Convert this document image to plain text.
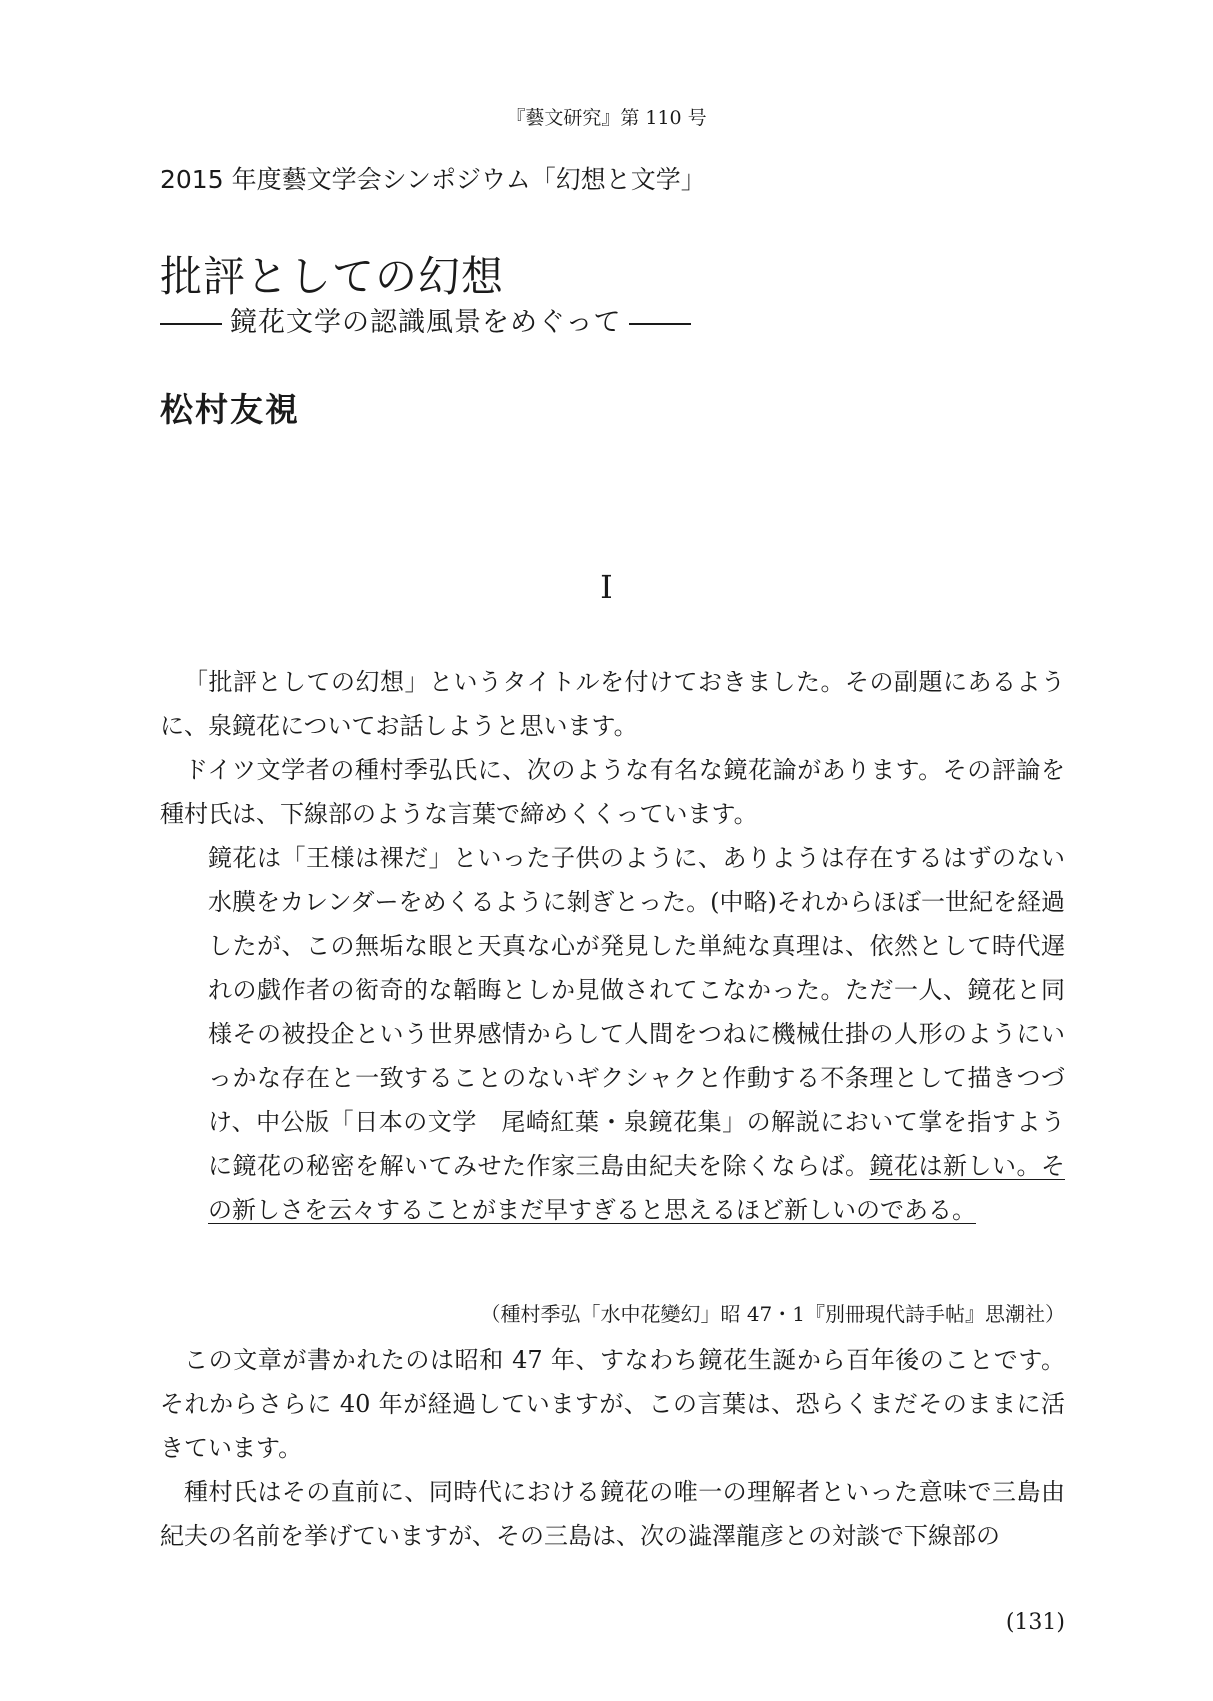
『藝文研究』第 110 号
2015 年度藝文学会シンポジウム「幻想と文学」
批評としての幻想
鏡花文学の認識風景をめぐって
松村友視
I

「批評としての幻想」というタイトルを付けておきました。その副題にあるように、泉鏡花についてお話しようと思います。

ドイツ文学者の種村季弘氏に、次のような有名な鏡花論があります。その評論を種村氏は、下線部のような言葉で締めくくっています。

鏡花は「王様は裸だ」といった子供のように、ありようは存在するはずのない水膜をカレンダーをめくるように剝ぎとった。(中略)それからほぼ一世紀を経過したが、この無垢な眼と天真な心が発見した単純な真理は、依然として時代遅れの戯作者の衒奇的な韜晦としか見做されてこなかった。ただ一人、鏡花と同様その被投企という世界感情からして人間をつねに機械仕掛の人形のようにいっかな存在と一致することのないギクシャクと作動する不条理として描きつづけ、中公版「日本の文学　尾崎紅葉・泉鏡花集」の解説において掌を指すように鏡花の秘密を解いてみせた作家三島由紀夫を除くならば。鏡花は新しい。その新しさを云々することがまだ早すぎると思えるほど新しいのである。

（種村季弘「水中花變幻」昭 47・1『別冊現代詩手帖』思潮社）

この文章が書かれたのは昭和 47 年、すなわち鏡花生誕から百年後のことです。それからさらに 40 年が経過していますが、この言葉は、恐らくまだそのままに活きています。

種村氏はその直前に、同時代における鏡花の唯一の理解者といった意味で三島由紀夫の名前を挙げていますが、その三島は、次の澁澤龍彦との対談で下線部の

(131)
